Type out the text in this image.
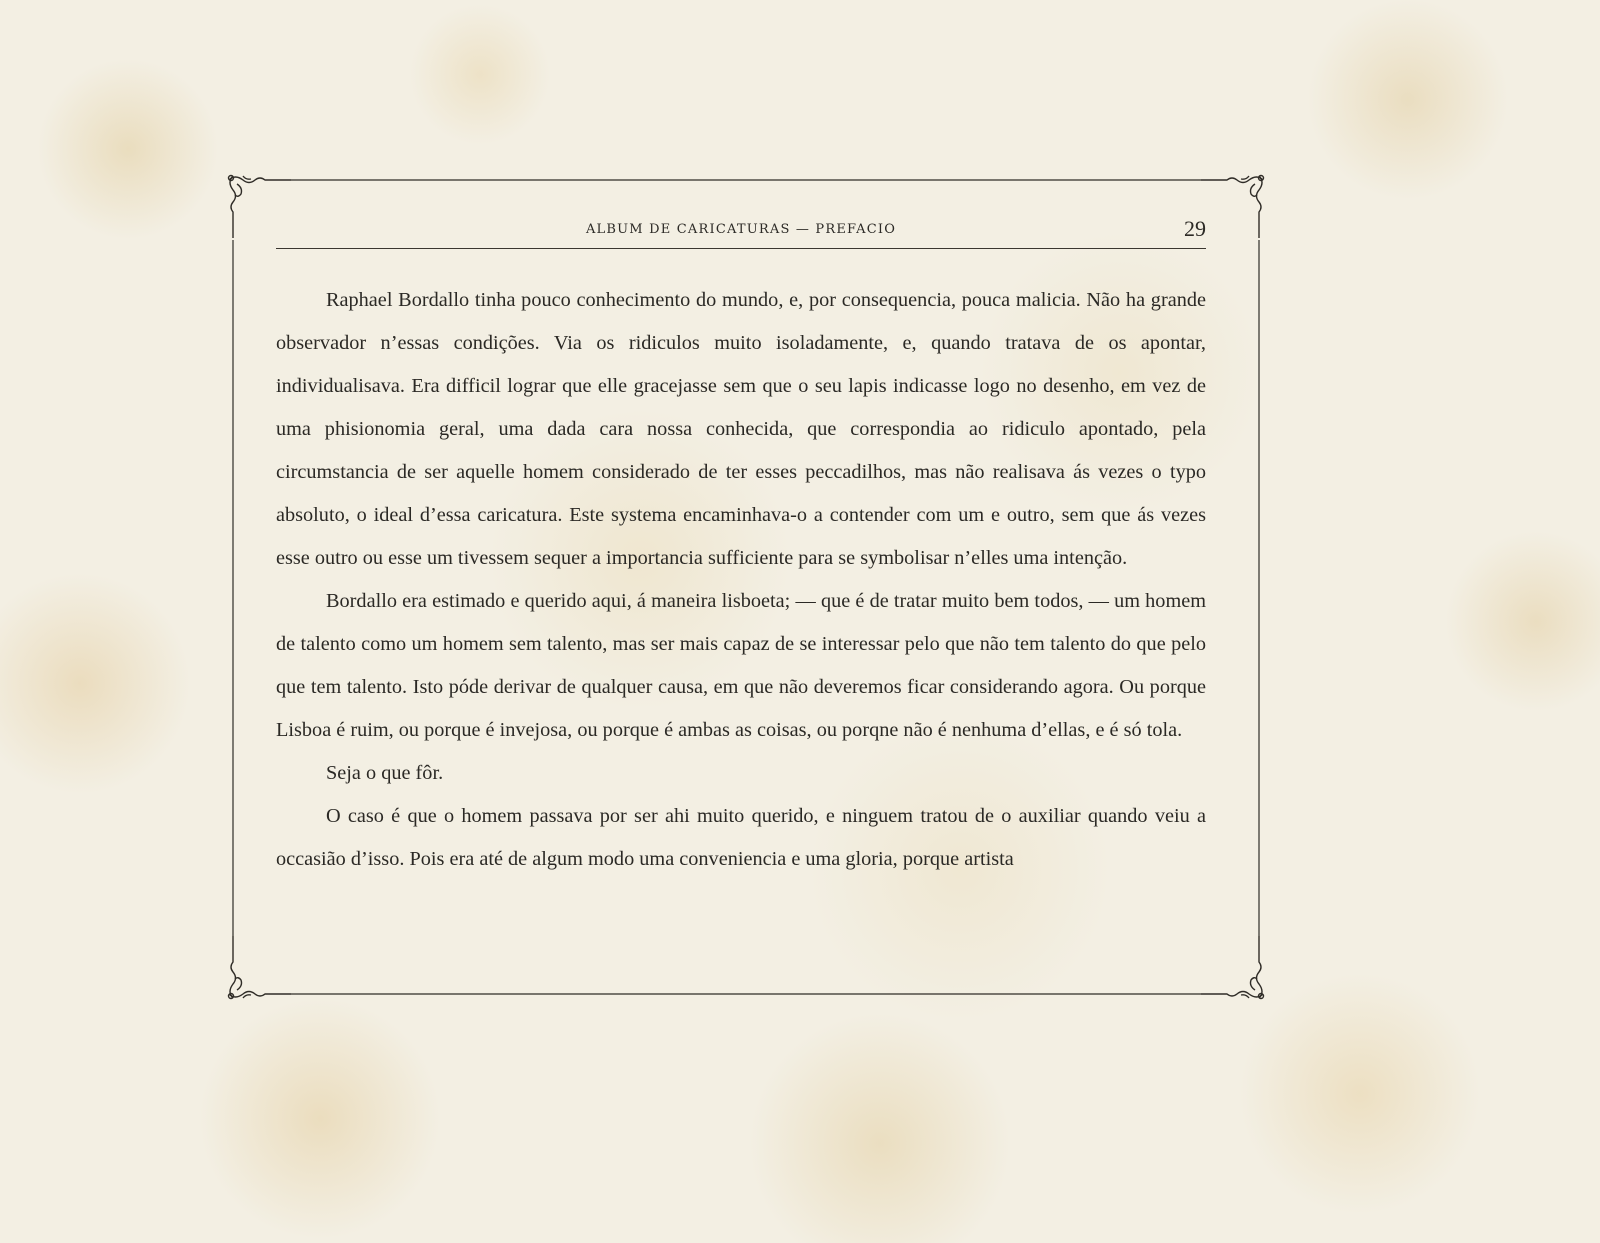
ALBUM DE CARICATURAS — PREFACIO	29

Raphael Bordallo tinha pouco conhecimento do mundo, e, por consequencia, pouca malicia. Não ha grande observador n’essas condições. Via os ridiculos muito isoladamente, e, quando tratava de os apontar, individualisava. Era difficil lograr que elle gracejasse sem que o seu lapis indicasse logo no desenho, em vez de uma phisionomia geral, uma dada cara nossa conhecida, que correspondia ao ridiculo apontado, pela circumstancia de ser aquelle homem considerado de ter esses peccadilhos, mas não realisava ás vezes o typo absoluto, o ideal d’essa caricatura. Este systema encaminhava-o a contender com um e outro, sem que ás vezes esse outro ou esse um tivessem sequer a importancia sufficiente para se symbolisar n’elles uma intenção.

Bordallo era estimado e querido aqui, á maneira lisboeta; — que é de tratar muito bem todos, — um homem de talento como um homem sem talento, mas ser mais capaz de se interessar pelo que não tem talento do que pelo que tem talento. Isto póde derivar de qualquer causa, em que não deveremos ficar considerando agora. Ou porque Lisboa é ruim, ou porque é invejosa, ou porque é ambas as coisas, ou porqne não é nenhuma d’ellas, e é só tola.

Seja o que fôr.

O caso é que o homem passava por ser ahi muito querido, e ninguem tratou de o auxiliar quando veiu a occasião d’isso. Pois era até de algum modo uma conveniencia e uma gloria, porque artista
